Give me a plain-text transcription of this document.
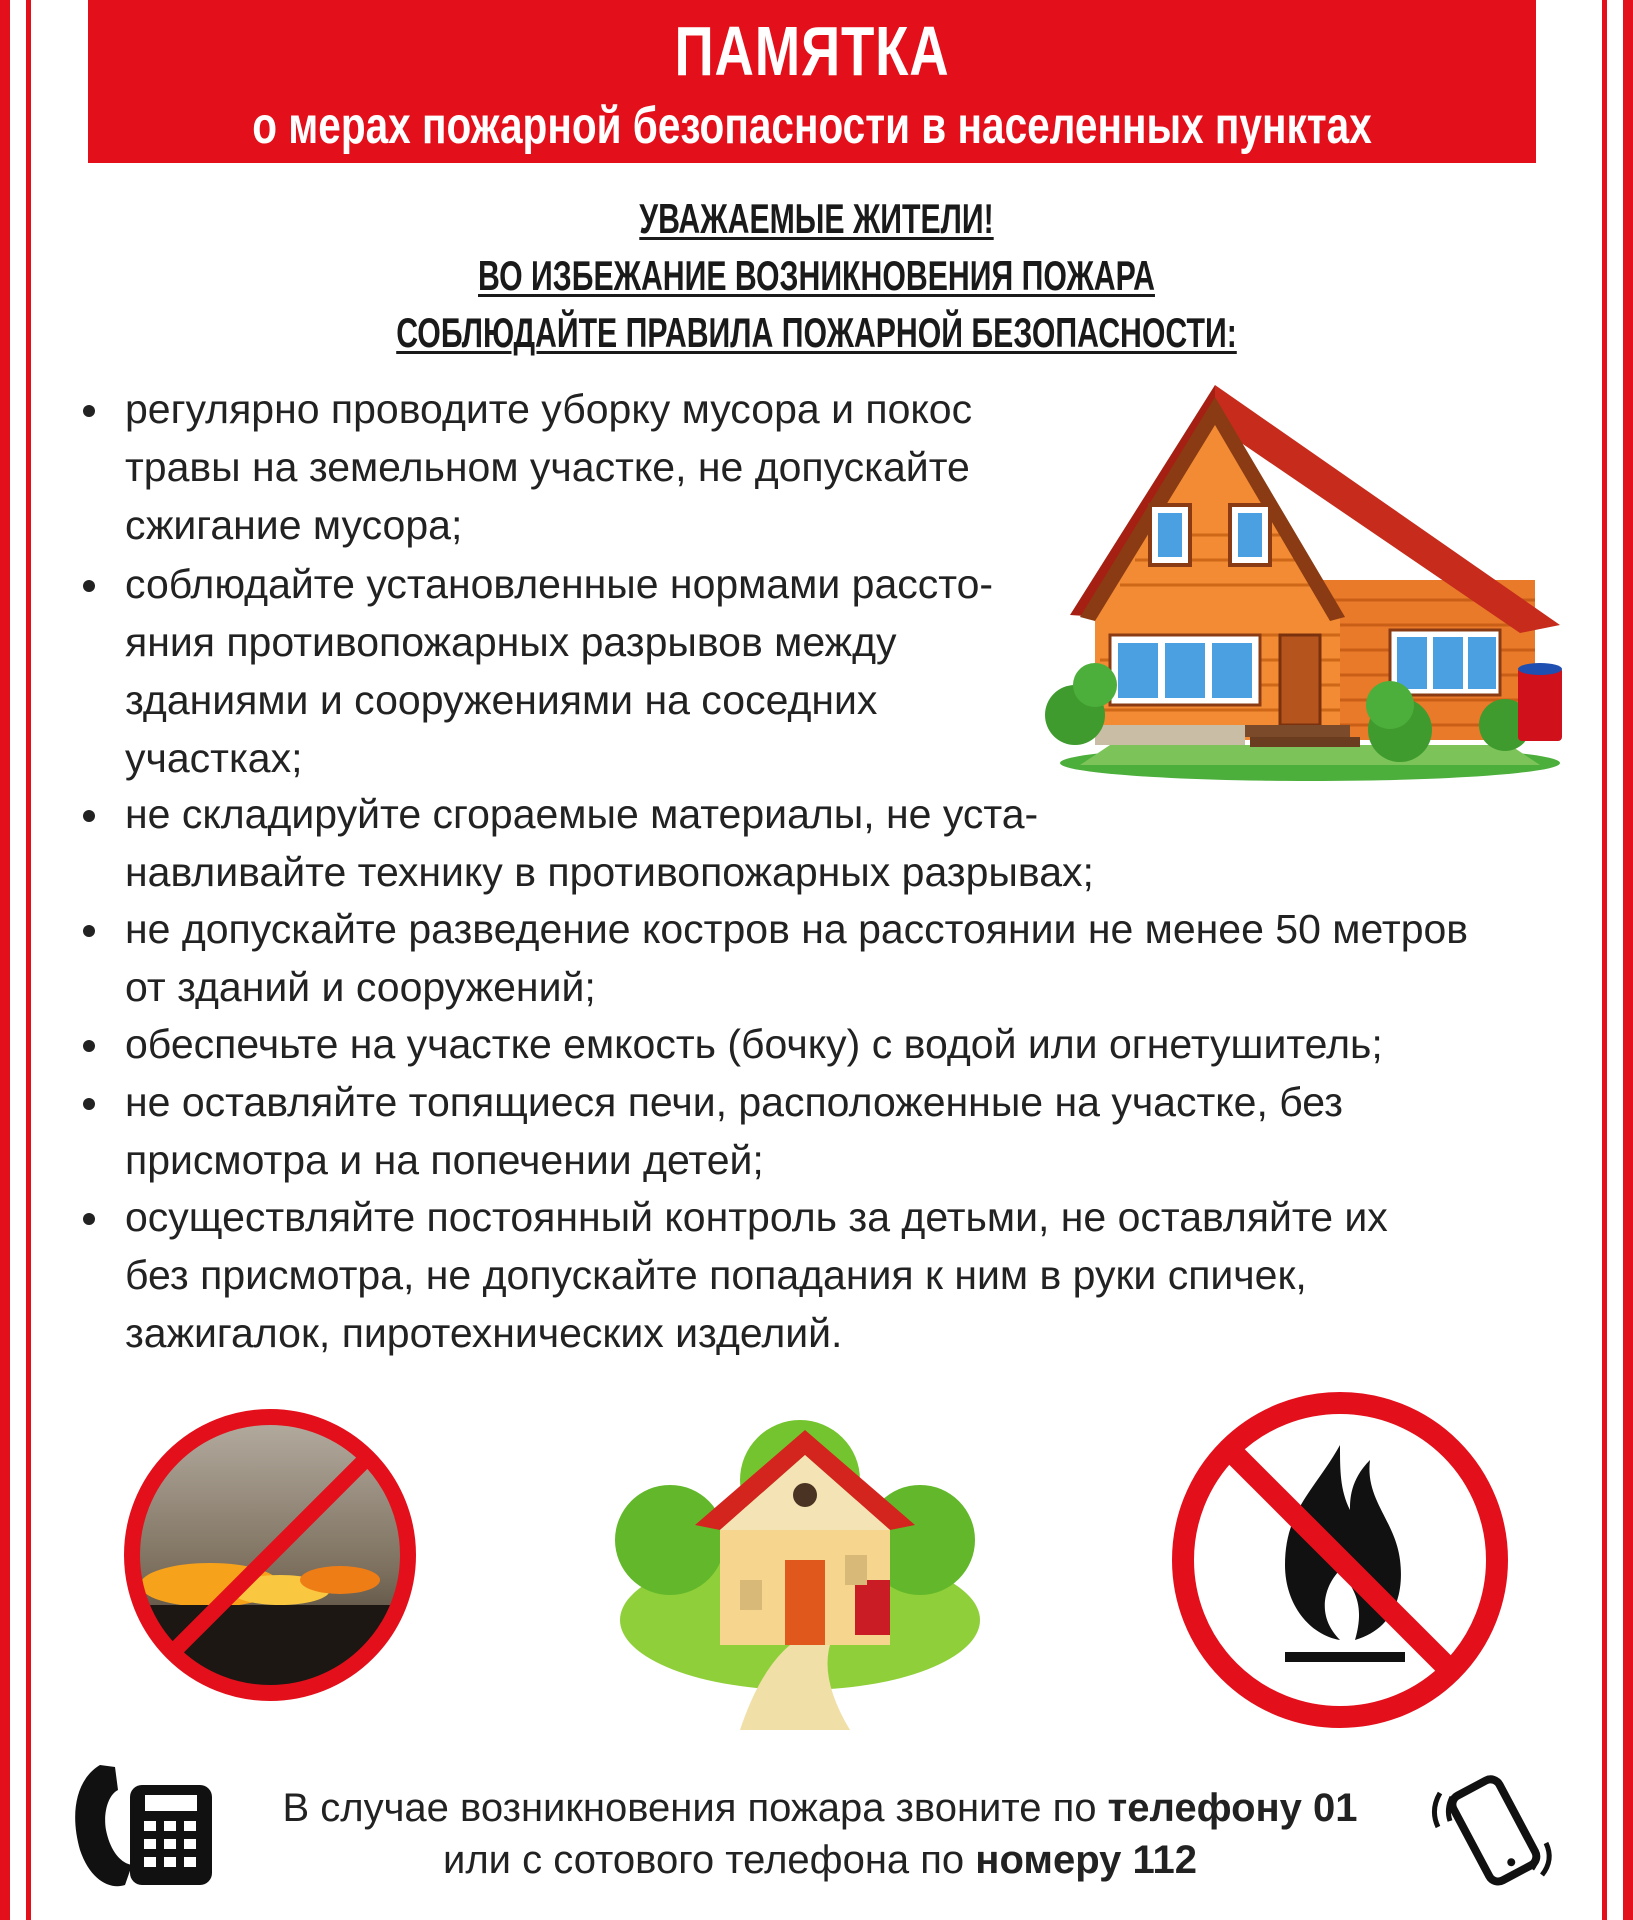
ПАМЯТКА
о мерах пожарной безопасности в населенных пунктах
УВАЖАЕМЫЕ ЖИТЕЛИ!
ВО ИЗБЕЖАНИЕ ВОЗНИКНОВЕНИЯ ПОЖАРА
СОБЛЮДАЙТЕ ПРАВИЛА ПОЖАРНОЙ БЕЗОПАСНОСТИ:
регулярно проводите уборку мусора и покос
травы на земельном участке, не допускайте
сжигание мусора;
соблюдайте установленные нормами рассто-
яния противопожарных разрывов между
зданиями и сооружениями на соседних
участках;
не складируйте сгораемые материалы, не уста-
навливайте технику в противопожарных разрывах;
не допускайте разведение костров на расстоянии не менее 50 метров
от зданий и сооружений;
обеспечьте на участке емкость (бочку) с водой или огнетушитель;
не оставляйте топящиеся печи, расположенные на участке, без
присмотра и на попечении детей;
осуществляйте постоянный контроль за детьми, не оставляйте их
без присмотра, не допускайте попадания к ним в руки спичек,
зажигалок, пиротехнических изделий.
В случае возникновения пожара звоните по телефону 01
или с сотового телефона по номеру 112
